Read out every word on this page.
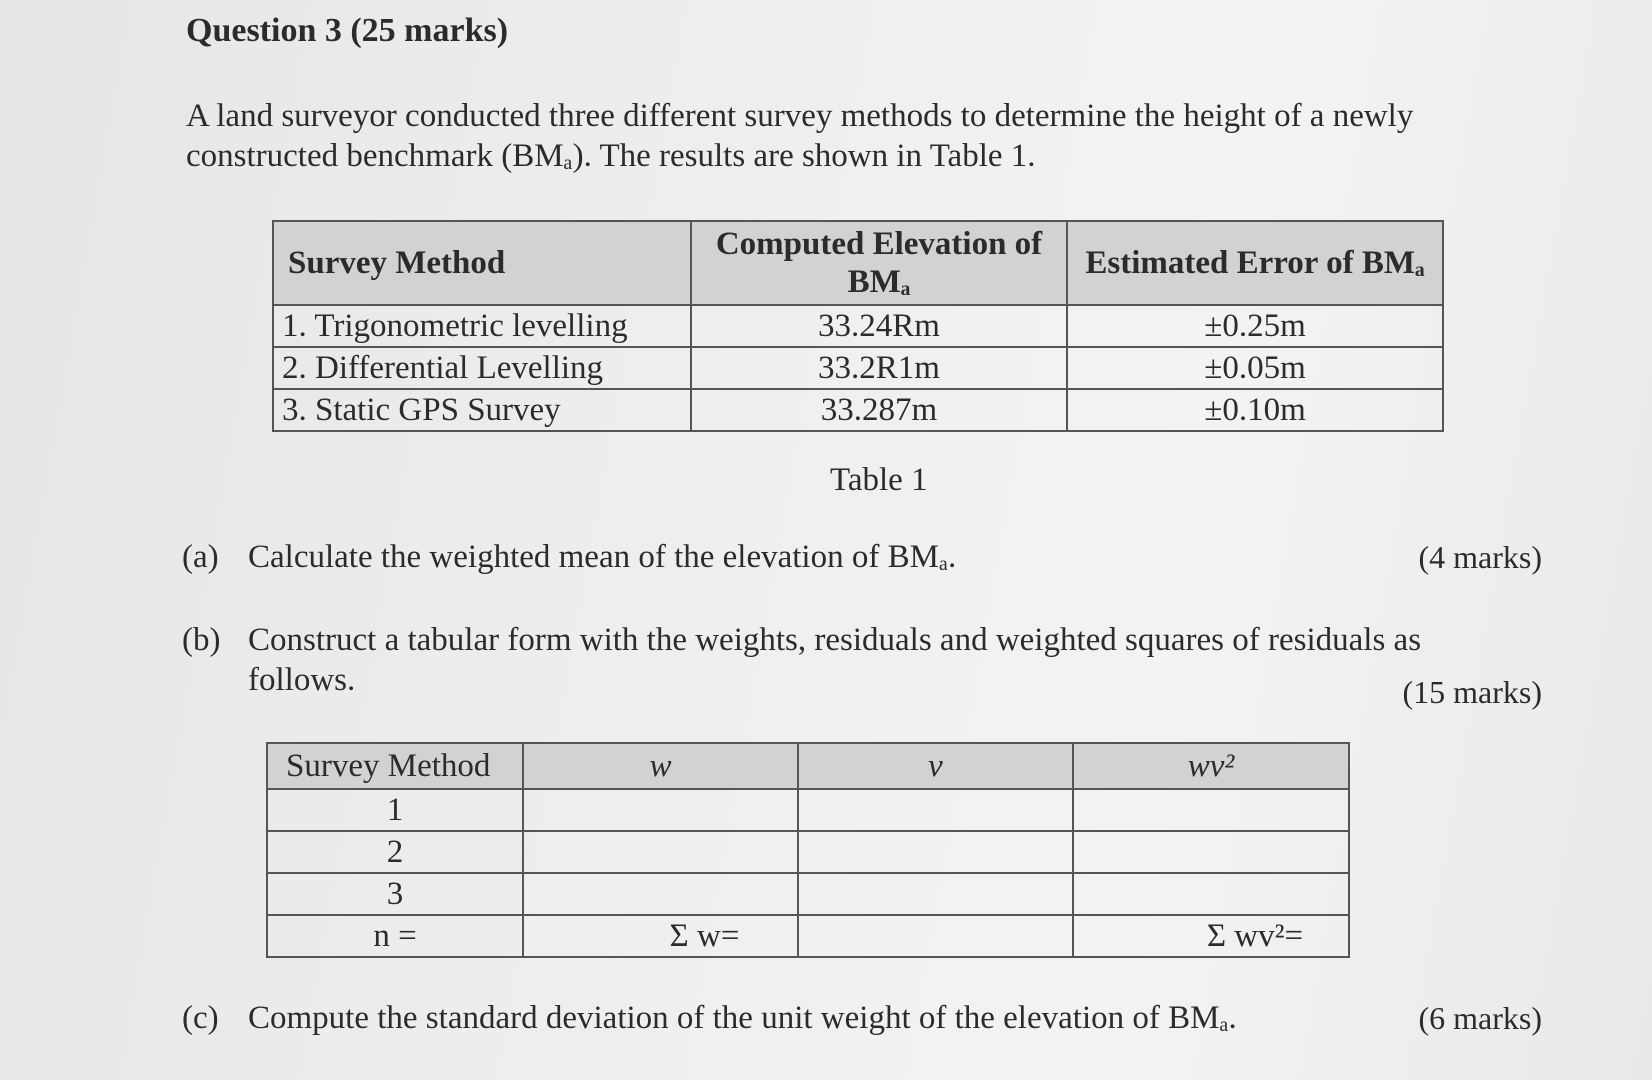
Question 3 (25 marks)
A land surveyor conducted three different survey methods to determine the height of a newly constructed benchmark (BMₐ). The results are shown in Table 1.
Survey Method	Computed Elevation of BMₐ	Estimated Error of BMₐ
1. Trigonometric levelling	33.24Rm	±0.25m
2. Differential Levelling	33.2R1m	±0.05m
3. Static GPS Survey	33.287m	±0.10m
Table 1
(a) Calculate the weighted mean of the elevation of BMₐ.	(4 marks)
(b) Construct a tabular form with the weights, residuals and weighted squares of residuals as follows.	(15 marks)
Survey Method	w	v	wv²
1			
2			
3			
n =	Σ w=		Σ wv²=
(c) Compute the standard deviation of the unit weight of the elevation of BMₐ.	(6 marks)
